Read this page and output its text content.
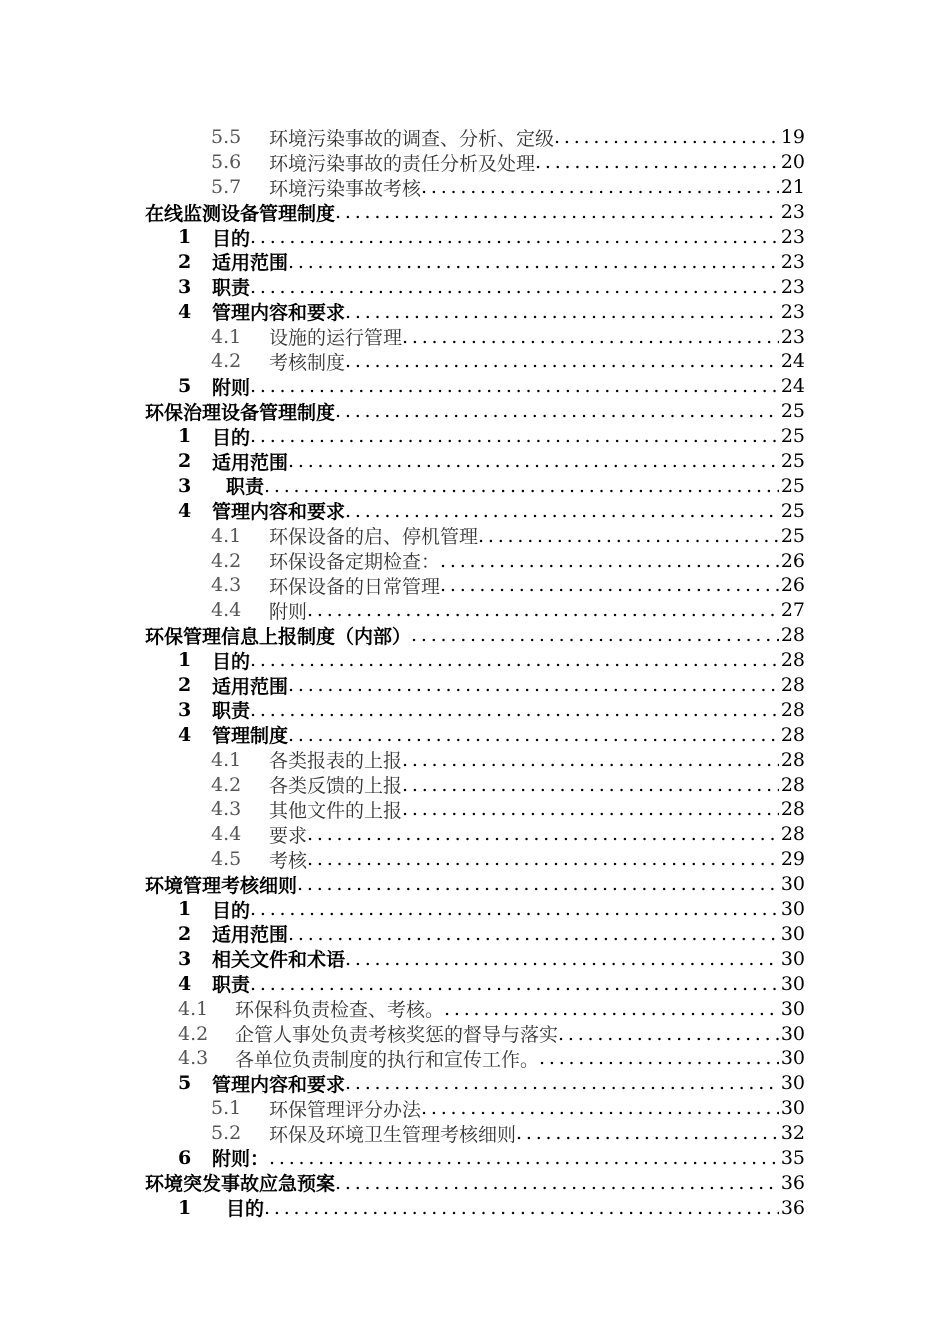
5.5	环境污染事故的调查、分析、定级 .....	19
5.6	环境污染事故的责任分析及处理 .....	20
5.7	环境污染事故考核 .....	21
在线监测设备管理制度 .....	23
1	目的 .....	23
2	适用范围 .....	23
3	职责 .....	23
4	管理内容和要求 .....	23
4.1	设施的运行管理 .....	23
4.2	考核制度 .....	24
5	附则 .....	24
环保治理设备管理制度 .....	25
1	目的 .....	25
2	适用范围 .....	25
3	职责 .....	25
4	管理内容和要求 .....	25
4.1	环保设备的启、停机管理 .....	25
4.2	环保设备定期检查： .....	26
4.3	环保设备的日常管理 .....	26
4.4	附则 .....	27
环保管理信息上报制度（内部） .....	28
1	目的 .....	28
2	适用范围 .....	28
3	职责 .....	28
4	管理制度 .....	28
4.1	各类报表的上报 .....	28
4.2	各类反馈的上报 .....	28
4.3	其他文件的上报 .....	28
4.4	要求 .....	28
4.5	考核 .....	29
环境管理考核细则 .....	30
1	目的 .....	30
2	适用范围 .....	30
3	相关文件和术语 .....	30
4	职责 .....	30
4.1	环保科负责检查、考核。 .....	30
4.2	企管人事处负责考核奖惩的督导与落实 .....	30
4.3	各单位负责制度的执行和宣传工作。 .....	30
5	管理内容和要求 .....	30
5.1	环保管理评分办法 .....	30
5.2	环保及环境卫生管理考核细则 .....	32
6	附则： .....	35
环境突发事故应急预案 .....	36
1	目的 .....	36
